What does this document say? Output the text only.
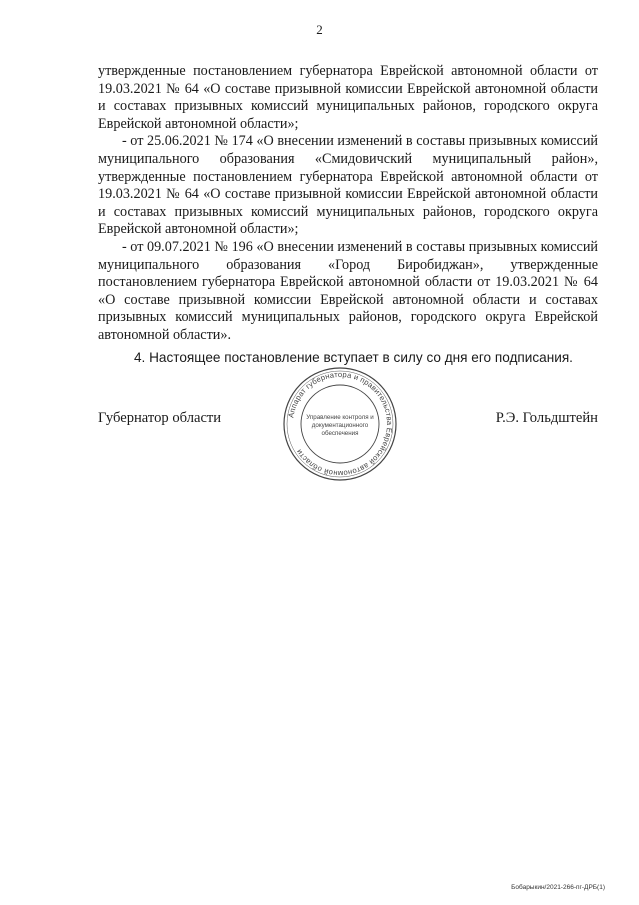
2

утвержденные постановлением губернатора Еврейской автономной области от 19.03.2021 № 64 «О составе призывной комиссии Еврейской автономной области и составах призывных комиссий муниципальных районов, городского округа Еврейской автономной области»;

- от 25.06.2021 № 174 «О внесении изменений в составы призывных комиссий муниципального образования «Смидовичский муниципальный район», утвержденные постановлением губернатора Еврейской автономной области от 19.03.2021 № 64 «О составе призывной комиссии Еврейской автономной области и составах призывных комиссий муниципальных районов, городского округа Еврейской автономной области»;

- от 09.07.2021 № 196 «О внесении изменений в составы призывных комиссий муниципального образования «Город Биробиджан», утвержденные постановлением губернатора Еврейской автономной области от 19.03.2021 № 64 «О составе призывной комиссии Еврейской автономной области и составах призывных комиссий муниципальных районов, городского округа Еврейской автономной области».

4. Настоящее постановление вступает в силу со дня его подписания.

Аппарат губернатора и правительства Еврейской автономной области
Управление контроля и
документационного
обеспечения
Губернатор области	Р.Э. Гольдштейн
Бобарыкин/2021-266-пг-ДРБ(1)
